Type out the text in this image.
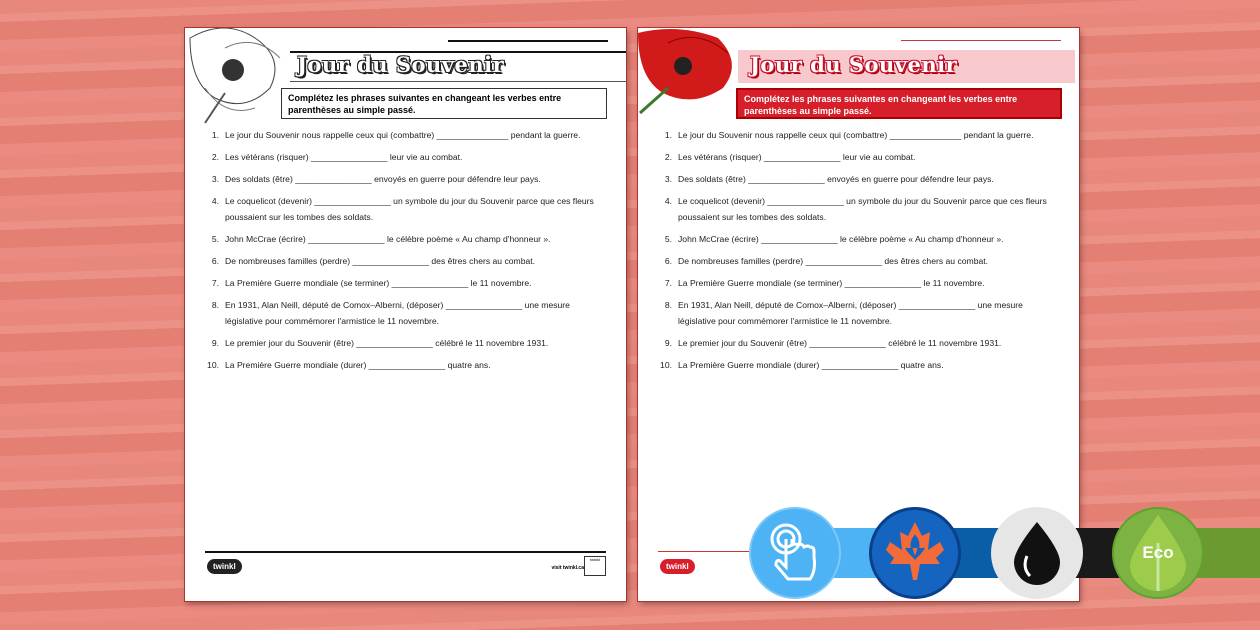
Jour du Souvenir
Complétez les phrases suivantes en changeant les verbes entre parenthèses au simple passé.
1. Le jour du Souvenir nous rappelle ceux qui (combattre) _______________ pendant la guerre.
2. Les vétérans (risquer) ________________ leur vie au combat.
3. Des soldats (être) ________________ envoyés en guerre pour défendre leur pays.
4. Le coquelicot (devenir) ________________ un symbole du jour du Souvenir parce que ces fleurs poussaient sur les tombes des soldats.
5. John McCrae (écrire) ________________ le célèbre poème « Au champ d'honneur ».
6. De nombreuses familles (perdre) ________________ des êtres chers au combat.
7. La Première Guerre mondiale (se terminer) ________________ le 11 novembre.
8. En 1931, Alan Neill, député de Comox–Alberni, (déposer) ________________ une mesure législative pour commémorer l'armistice le 11 novembre.
9. Le premier jour du Souvenir (être) ________________ célébré le 11 novembre 1931.
10. La Première Guerre mondiale (durer) ________________ quatre ans.
twinkl	visit twinkl.ca
twinkl
Jour du Souvenir
Complétez les phrases suivantes en changeant les verbes entre parenthèses au simple passé.
1. Le jour du Souvenir nous rappelle ceux qui (combattre) _______________ pendant la guerre.
2. Les vétérans (risquer) ________________ leur vie au combat.
3. Des soldats (être) ________________ envoyés en guerre pour défendre leur pays.
4. Le coquelicot (devenir) ________________ un symbole du jour du Souvenir parce que ces fleurs poussaient sur les tombes des soldats.
5. John McCrae (écrire) ________________ le célèbre poème « Au champ d'honneur ».
6. De nombreuses familles (perdre) ________________ des êtres chers au combat.
7. La Première Guerre mondiale (se terminer) ________________ le 11 novembre.
8. En 1931, Alan Neill, député de Comox–Alberni, (déposer) ________________ une mesure législative pour commémorer l'armistice le 11 novembre.
9. Le premier jour du Souvenir (être) ________________ célébré le 11 novembre 1931.
10. La Première Guerre mondiale (durer) ________________ quatre ans.
twinkl
Eco
